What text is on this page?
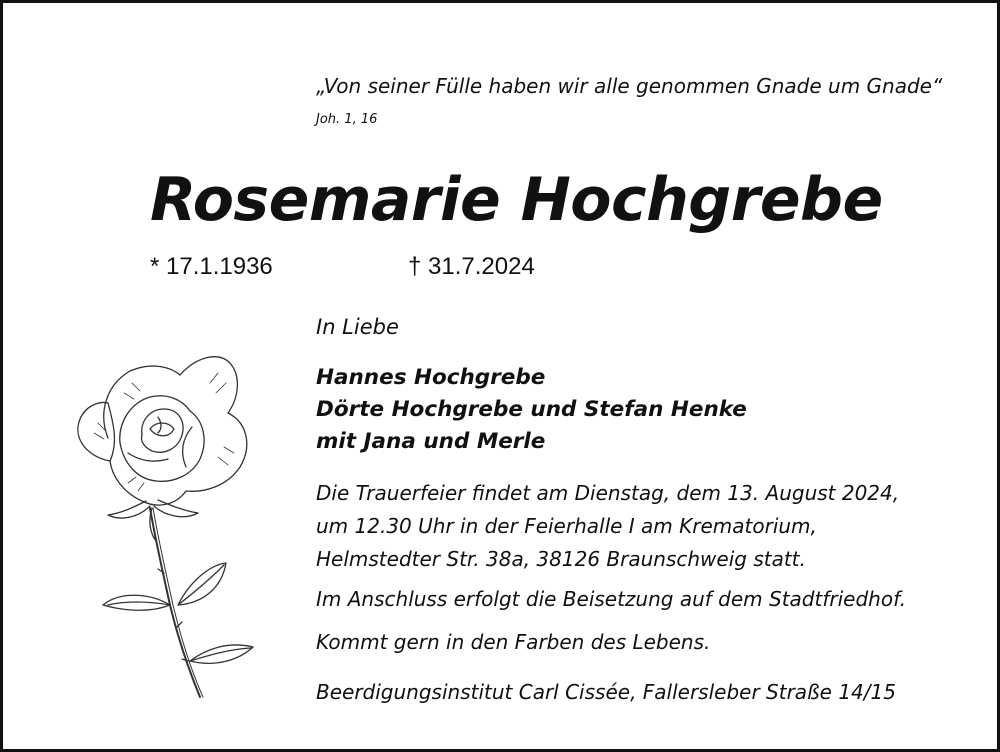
„Von seiner Fülle haben wir alle genommen Gnade um Gnade“
Joh. 1, 16
Rosemarie Hochgrebe
* 17.1.1936	† 31.7.2024
In Liebe
Hannes Hochgrebe
Dörte Hochgrebe und Stefan Henke
mit Jana und Merle
Die Trauerfeier findet am Dienstag, dem 13. August 2024,
um 12.30 Uhr in der Feierhalle I am Krematorium,
Helmstedter Str. 38a, 38126 Braunschweig statt.
Im Anschluss erfolgt die Beisetzung auf dem Stadtfriedhof.
Kommt gern in den Farben des Lebens.
Beerdigungsinstitut Carl Cissée, Fallersleber Straße 14/15
